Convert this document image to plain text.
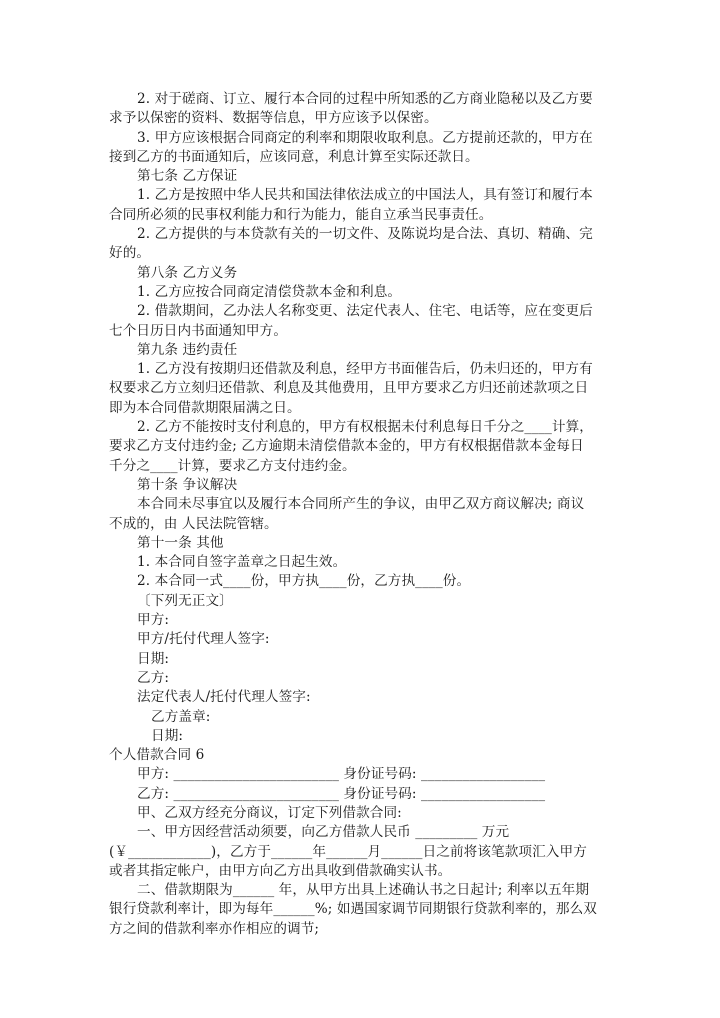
2. 对于磋商、订立、履行本合同的过程中所知悉的乙方商业隐秘以及乙方要
求予以保密的资料、数据等信息，甲方应该予以保密。
3. 甲方应该根据合同商定的利率和期限收取利息。乙方提前还款的，甲方在
接到乙方的书面通知后，应该同意，利息计算至实际还款日。
第七条 乙方保证
1. 乙方是按照中华人民共和国法律依法成立的中国法人，具有签订和履行本
合同所必须的民事权利能力和行为能力，能自立承当民事责任。
2. 乙方提供的与本贷款有关的一切文件、及陈说均是合法、真切、精确、完
好的。
第八条 乙方义务
1. 乙方应按合同商定清偿贷款本金和利息。
2. 借款期间，乙办法人名称变更、法定代表人、住宅、电话等，应在变更后
七个日历日内书面通知甲方。
第九条 违约责任
1. 乙方没有按期归还借款及利息，经甲方书面催告后，仍未归还的，甲方有
权要求乙方立刻归还借款、利息及其他费用，且甲方要求乙方归还前述款项之日
即为本合同借款期限届满之日。
2. 乙方不能按时支付利息的，甲方有权根据未付利息每日千分之____计算，
要求乙方支付违约金; 乙方逾期未清偿借款本金的，甲方有权根据借款本金每日
千分之____计算，要求乙方支付违约金。
第十条 争议解决
本合同未尽事宜以及履行本合同所产生的争议，由甲乙双方商议解决; 商议
不成的，由 人民法院管辖。
第十一条 其他
1. 本合同自签字盖章之日起生效。
2. 本合同一式____份，甲方执____份，乙方执____份。
〔下列无正文〕
甲方:
甲方/托付代理人签字:
日期:
乙方:
法定代表人/托付代理人签字:
乙方盖章:
日期:
个人借款合同 6
甲方: ________________________ 身份证号码: __________________
乙方: ________________________ 身份证号码: __________________
甲、乙双方经充分商议，订定下列借款合同:
一、甲方因经营活动须要，向乙方借款人民币 _________ 万元
(￥____________)，乙方于______年______月______日之前将该笔款项汇入甲方
或者其指定帐户，由甲方向乙方出具收到借款确实认书。
二、借款期限为______ 年，从甲方出具上述确认书之日起计; 利率以五年期
银行贷款利率计，即为每年______%; 如遇国家调节同期银行贷款利率的，那么双
方之间的借款利率亦作相应的调节;
